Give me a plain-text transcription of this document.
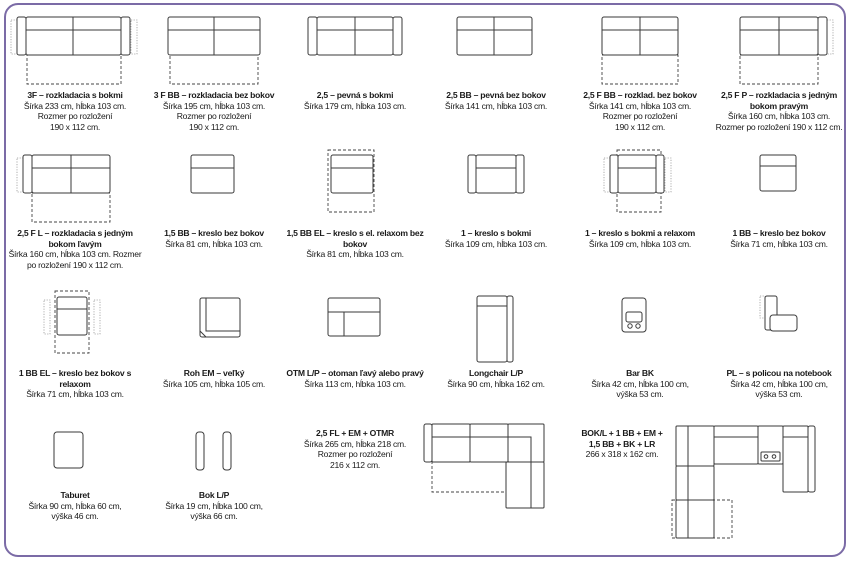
3F – rozkladacia s bokmi
Šírka 233 cm, hĺbka 103 cm.
Rozmer po rozložení
190 x 112 cm.
3 F BB – rozkladacia bez bokov
Šírka 195 cm, hĺbka 103 cm.
Rozmer po rozložení
190 x 112 cm.
2,5 – pevná s bokmi
Šírka 179 cm, hĺbka 103 cm.
2,5 BB – pevná bez bokov
Šírka 141 cm, hĺbka 103 cm.
2,5 F BB – rozklad. bez bokov
Šírka 141 cm, hĺbka 103 cm.
Rozmer po rozložení
190 x 112 cm.
2,5 F P – rozkladacia s jedným bokom pravým
Šírka 160 cm, hĺbka 103 cm.
Rozmer po rozložení 190 x 112 cm.
2,5 F L – rozkladacia s jedným bokom ľavým
Šírka 160 cm, hĺbka 103 cm. Rozmer po rozložení 190 x 112 cm.
1,5 BB – kreslo bez bokov
Šírka 81 cm, hĺbka 103 cm.
1,5 BB EL – kreslo s el. relaxom bez bokov
Šírka 81 cm, hĺbka 103 cm.
1 – kreslo s bokmi
Šírka 109 cm, hĺbka 103 cm.
1 – kreslo s bokmi a relaxom
Šírka 109 cm, hĺbka 103 cm.
1 BB – kreslo bez bokov
Šírka 71 cm, hĺbka 103 cm.
1 BB EL – kreslo bez bokov s relaxom
Šírka 71 cm, hĺbka 103 cm.
Roh EM – veľký
Šírka 105 cm, hĺbka 105 cm.
OTM L/P – otoman ľavý alebo pravý
Šírka 113 cm, hĺbka 103 cm.
Longchair L/P
Šírka 90 cm, hĺbka 162 cm.
Bar BK
Šírka 42 cm, hĺbka 100 cm,
výška 53 cm.
PL – s policou na notebook
Šírka 42 cm, hĺbka 100 cm,
výška 53 cm.
Taburet
Šírka 90 cm, hĺbka 60 cm,
výška 46 cm.
Bok L/P
Šírka 19 cm, hĺbka 100 cm,
výška 66 cm.
2,5 FL + EM + OTMR
Šírka 265 cm, hĺbka 218 cm.
Rozmer po rozložení
216 x 112 cm.
BOK/L + 1 BB + EM + 1,5 BB + BK + LR
266 x 318 x 162 cm.
